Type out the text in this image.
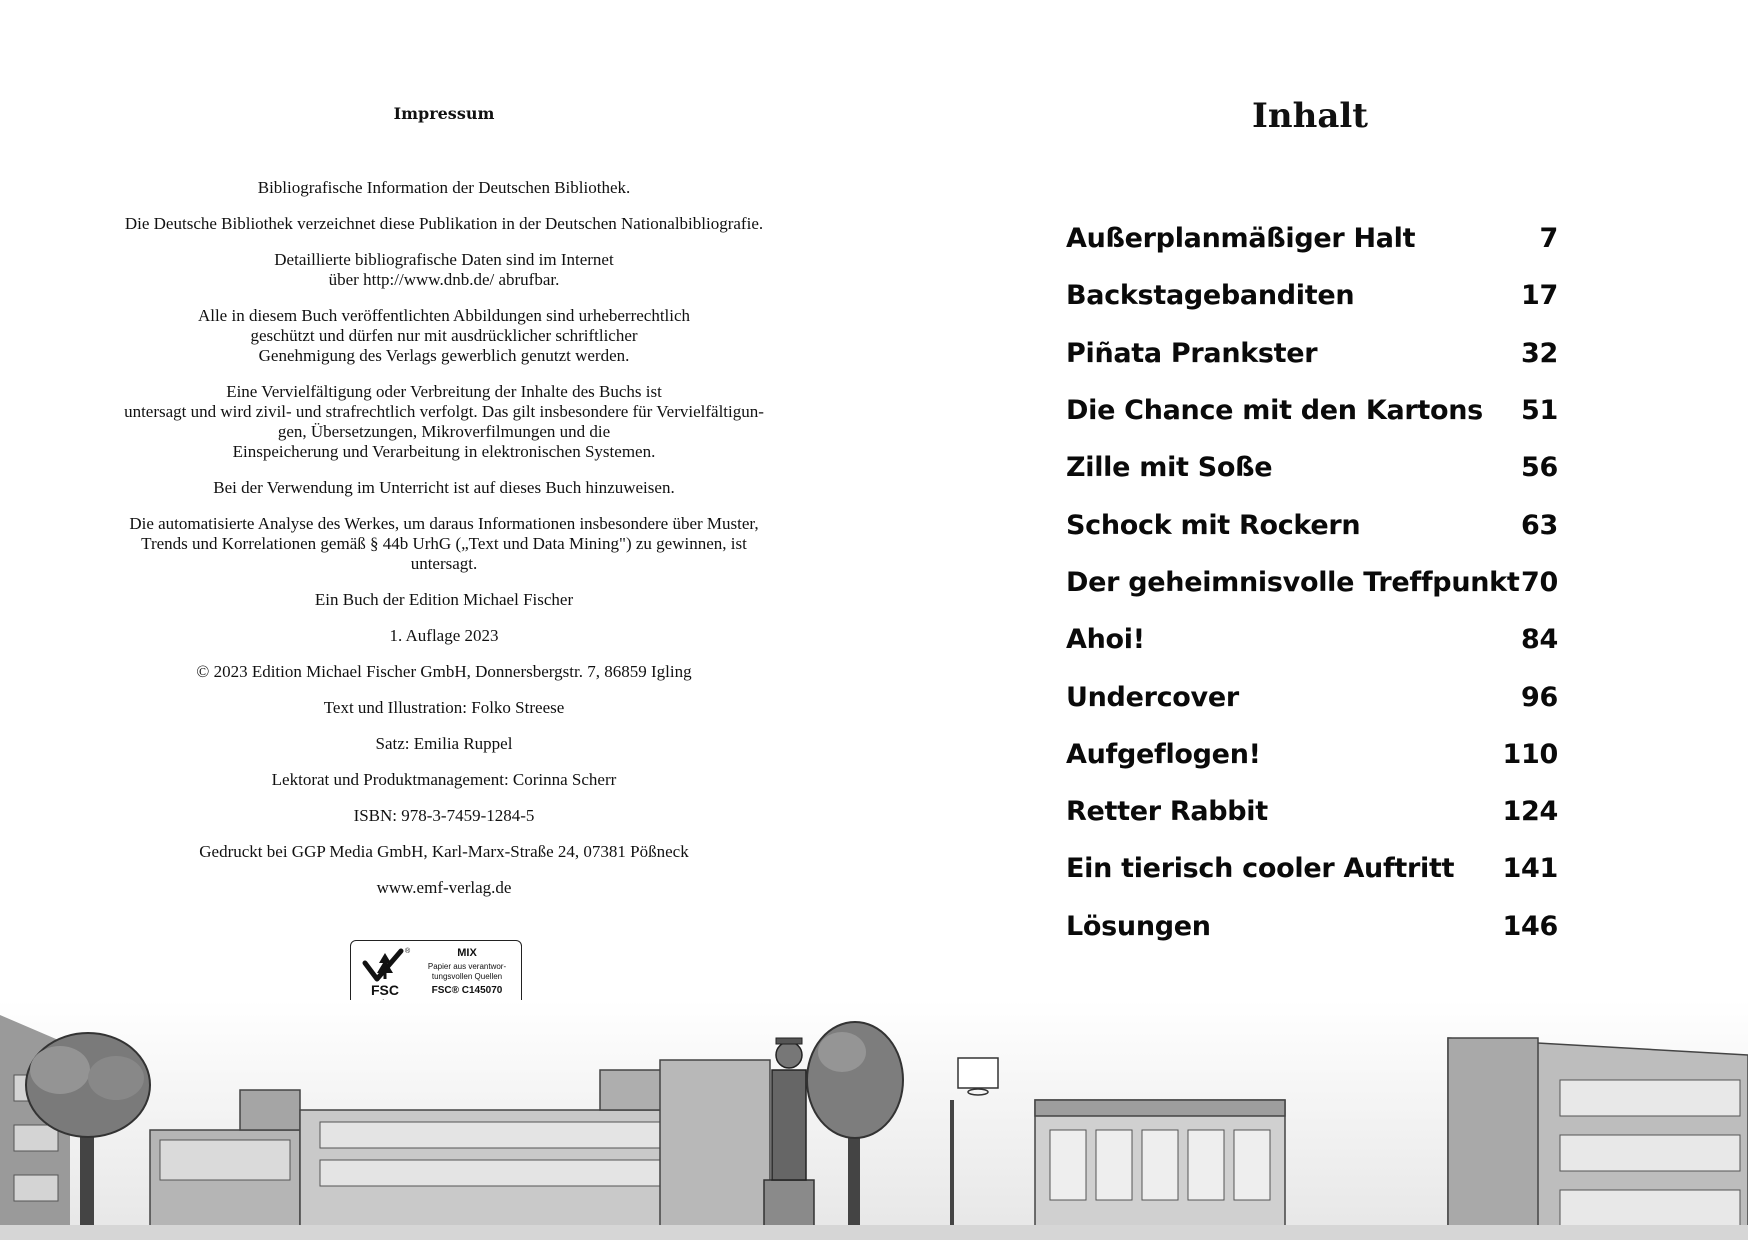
Impressum

Bibliografische Information der Deutschen Bibliothek.

Die Deutsche Bibliothek verzeichnet diese Publikation in der Deutschen Nationalbibliografie.

Detaillierte bibliografische Daten sind im Internet
über http://www.dnb.de/ abrufbar.

Alle in diesem Buch veröffentlichten Abbildungen sind urheberrechtlich
geschützt und dürfen nur mit ausdrücklicher schriftlicher
Genehmigung des Verlags gewerblich genutzt werden.

Eine Vervielfältigung oder Verbreitung der Inhalte des Buchs ist
untersagt und wird zivil- und strafrechtlich verfolgt. Das gilt insbesondere für Vervielfältigun-
gen, Übersetzungen, Mikroverfilmungen und die
Einspeicherung und Verarbeitung in elektronischen Systemen.

Bei der Verwendung im Unterricht ist auf dieses Buch hinzuweisen.

Die automatisierte Analyse des Werkes, um daraus Informationen insbesondere über Muster,
Trends und Korrelationen gemäß § 44b UrhG („Text und Data Mining") zu gewinnen, ist
untersagt.

Ein Buch der Edition Michael Fischer

1. Auflage 2023

© 2023 Edition Michael Fischer GmbH, Donnersbergstr. 7, 86859 Igling

Text und Illustration: Folko Streese

Satz: Emilia Ruppel

Lektorat und Produktmanagement: Corinna Scherr

ISBN: 978-3-7459-1284-5

Gedruckt bei GGP Media GmbH, Karl-Marx-Straße 24, 07381 Pößneck

www.emf-verlag.de

FSC
®	MIX
Papier aus verantwor-
tungsvollen Quellen
FSC® C145070
Inhalt
Außerplanmäßiger Halt	7
Backstagebanditen	17
Piñata Prankster	32
Die Chance mit den Kartons 51
Zille mit Soße	56
Schock mit Rockern	63
Der geheimnisvolle Treffpunkt 70
Ahoi!	84
Undercover	96
Aufgeflogen!	110
Retter Rabbit	124
Ein tierisch cooler Auftritt 141
Lösungen	146
